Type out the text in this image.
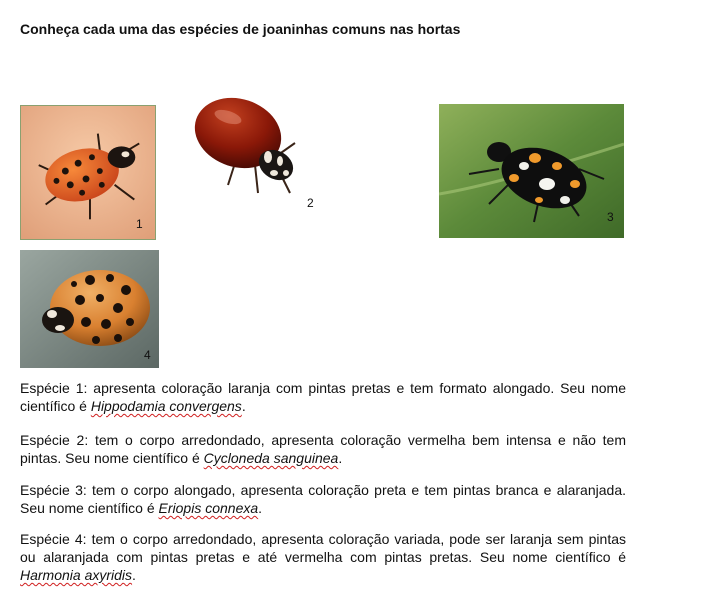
Conheça cada uma das espécies de joaninhas comuns nas hortas
1
2
3
4

Espécie 1: apresenta coloração laranja com pintas pretas e tem formato alongado. Seu nome científico é Hippodamia convergens.

Espécie 2: tem o corpo arredondado, apresenta coloração vermelha bem intensa e não tem pintas. Seu nome científico é Cycloneda sanguinea.

Espécie 3: tem o corpo alongado, apresenta coloração preta e tem pintas branca e alaranjada. Seu nome científico é Eriopis connexa.

Espécie 4: tem o corpo arredondado, apresenta coloração variada, pode ser laranja sem pintas ou alaranjada com pintas pretas e até vermelha com pintas pretas. Seu nome científico é Harmonia axyridis.
